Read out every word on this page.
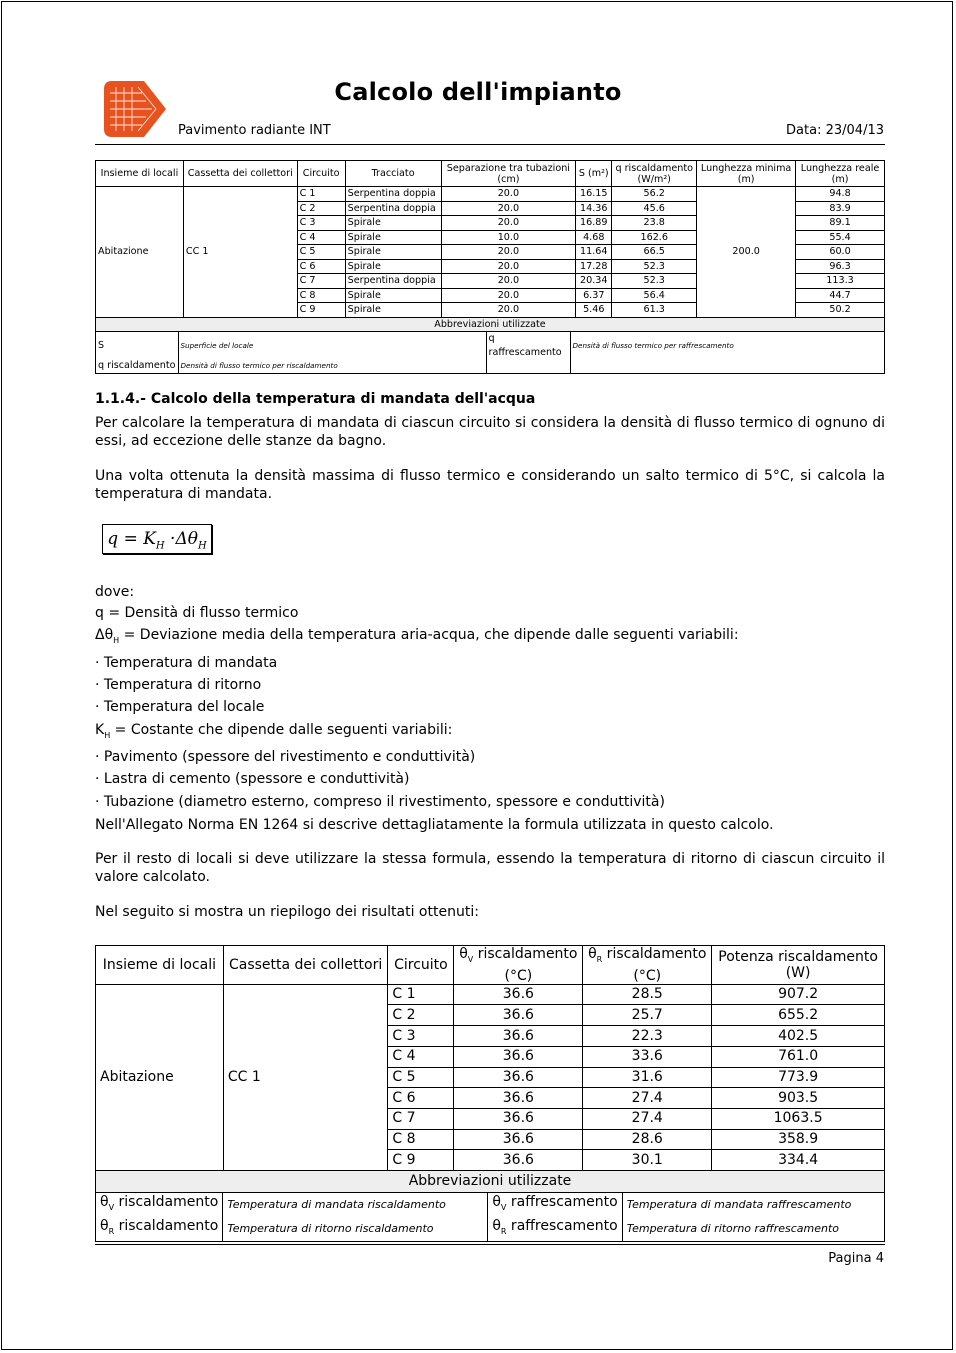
Calcolo dell'impianto
Pavimento radiante INT	Data: 23/04/13
Insieme di locali	Cassetta dei collettori	Circuito	Tracciato	Separazione tra tubazioni (cm)	S (m²)	q riscaldamento (W/m²)	Lunghezza minima (m)	Lunghezza reale (m)
Abitazione	CC 1	C 1	Serpentina doppia	20.0	16.15	56.2	200.0	94.8
C 2	Serpentina doppia	20.0	14.36	45.6	83.9
C 3	Spirale	20.0	16.89	23.8	89.1
C 4	Spirale	10.0	4.68	162.6	55.4
C 5	Spirale	20.0	11.64	66.5	60.0
C 6	Spirale	20.0	17.28	52.3	96.3
C 7	Serpentina doppia	20.0	20.34	52.3	113.3
C 8	Spirale	20.0	6.37	56.4	44.7
C 9	Spirale	20.0	5.46	61.3	50.2
Abbreviazioni utilizzate

S	Superficie del locale	q raffrescamento	Densità di flusso termico per raffrescamento
q riscaldamento	Densità di flusso termico per riscaldamento		
1.1.4.- Calcolo della temperatura di mandata dell'acqua
Per calcolare la temperatura di mandata di ciascun circuito si considera la densità di flusso termico di ognuno di essi, ad eccezione delle stanze da bagno.
Una volta ottenuta la densità massima di flusso termico e considerando un salto termico di 5°C, si calcola la temperatura di mandata.
$q = K_H \cdot\Delta\theta_H$
dove:
q = Densità di flusso termico
$\Delta\theta_H$ = Deviazione media della temperatura aria-acqua, che dipende dalle seguenti variabili:
· Temperatura di mandata
· Temperatura di ritorno
· Temperatura del locale
$K_H$ = Costante che dipende dalle seguenti variabili:
· Pavimento (spessore del rivestimento e conduttività)
· Lastra di cemento (spessore e conduttività)
· Tubazione (diametro esterno, compreso il rivestimento, spessore e conduttività)
Nell'Allegato Norma EN 1264 si descrive dettagliatamente la formula utilizzata in questo calcolo.
Per il resto di locali si deve utilizzare la stessa formula, essendo la temperatura di ritorno di ciascun circuito il valore calcolato.
Nel seguito si mostra un riepilogo dei risultati ottenuti:
Insieme di locali	Cassetta dei collettori	Circuito	$\theta_V$ riscaldamento (°C)	$\theta_R$ riscaldamento (°C)	Potenza riscaldamento (W)
Abitazione	CC 1	C 1	36.6	28.5	907.2
C 2	36.6	25.7	655.2
C 3	36.6	22.3	402.5
C 4	36.6	33.6	761.0
C 5	36.6	31.6	773.9
C 6	36.6	27.4	903.5
C 7	36.6	27.4	1063.5
C 8	36.6	28.6	358.9
C 9	36.6	30.1	334.4
Abbreviazioni utilizzate

$\theta_V$ riscaldamento	Temperatura di mandata riscaldamento	$\theta_V$ raffrescamento	Temperatura di mandata raffrescamento
$\theta_R$ riscaldamento	Temperatura di ritorno riscaldamento	$\theta_R$ raffrescamento	Temperatura di ritorno raffrescamento
Pagina 4
